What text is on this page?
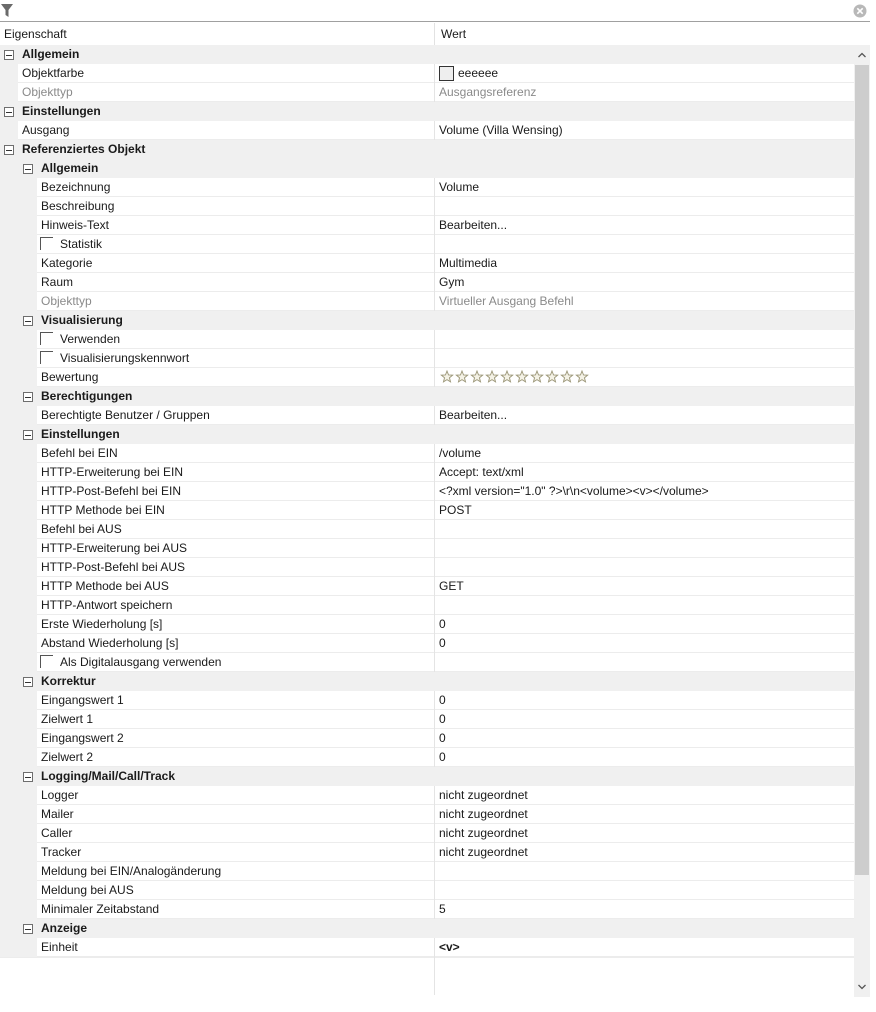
Eigenschaft	Wert
Allgemein
Objektfarbe	eeeeee
Objekttyp	Ausgangsreferenz
Einstellungen
Ausgang	Volume (Villa Wensing)
Referenziertes Objekt
Allgemein
Bezeichnung	Volume
Beschreibung
Hinweis-Text	Bearbeiten...
Statistik
Kategorie	Multimedia
Raum	Gym
Objekttyp	Virtueller Ausgang Befehl
Visualisierung
Verwenden
Visualisierungskennwort
Bewertung
Berechtigungen
Berechtigte Benutzer / Gruppen	Bearbeiten...
Einstellungen
Befehl bei EIN	/volume
HTTP-Erweiterung bei EIN	Accept: text/xml
HTTP-Post-Befehl bei EIN	<?xml version="1.0" ?>\r\n<volume><v></volume>
HTTP Methode bei EIN	POST
Befehl bei AUS
HTTP-Erweiterung bei AUS
HTTP-Post-Befehl bei AUS
HTTP Methode bei AUS	GET
HTTP-Antwort speichern
Erste Wiederholung [s]	0
Abstand Wiederholung [s]	0
Als Digitalausgang verwenden
Korrektur
Eingangswert 1	0
Zielwert 1	0
Eingangswert 2	0
Zielwert 2	0
Logging/Mail/Call/Track
Logger	nicht zugeordnet
Mailer	nicht zugeordnet
Caller	nicht zugeordnet
Tracker	nicht zugeordnet
Meldung bei EIN/Analogänderung
Meldung bei AUS
Minimaler Zeitabstand	5
Anzeige
Einheit	<v>
